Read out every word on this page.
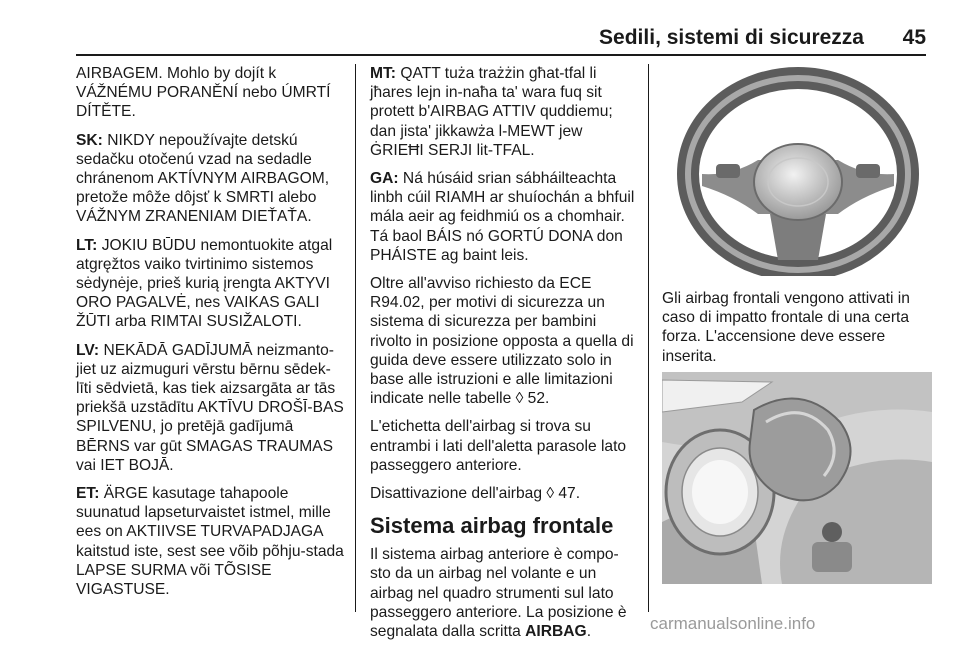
Sedili, sistemi di sicurezza 45

AIRBAGEM. Mohlo by dojít k VÁŽNÉMU PORANĚNÍ nebo ÚMRTÍ DÍTĚTE.

SK: NIKDY nepoužívajte detskú sedačku otočenú vzad na sedadle chránenom AKTÍVNYM AIRBAGOM, pretože môže dôjsť k SMRTI alebo VÁŽNYM ZRANENIAM DIEŤAŤA.

LT: JOKIU BŪDU nemontuokite atgal atgręžtos vaiko tvirtinimo sistemos sėdynėje, prieš kurią įrengta AKTYVI ORO PAGALVĖ, nes VAIKAS GALI ŽŪTI arba RIMTAI SUSIŽALOTI.

LV: NEKĀDĀ GADĪJUMĀ neizmanto-jiet uz aizmuguri vērstu bērnu sēdek-līti sēdvietā, kas tiek aizsargāta ar tās priekšā uzstādītu AKTĪVU DROŠĪ-BAS SPILVENU, jo pretējā gadījumā BĒRNS var gūt SMAGAS TRAUMAS vai IET BOJĀ.

ET: ÄRGE kasutage tahapoole suunatud lapseturvaistet istmel, mille ees on AKTIIVSE TURVAPADJAGA kaitstud iste, sest see võib põhju-stada LAPSE SURMA või TÕSISE VIGASTUSE.

MT: QATT tuża trażżin għat-tfal li jħares lejn in-naħa ta' wara fuq sit protett b'AIRBAG ATTIV quddiemu; dan jista' jikkawża l-MEWT jew ĠRIEĦI SERJI lit-TFAL.

GA: Ná húsáid srian sábháilteachta linbh cúil RIAMH ar shuíochán a bhfuil mála aeir ag feidhmiú os a chomhair. Tá baol BÁIS nó GORTÚ DONA don PHÁISTE ag baint leis.

Oltre all'avviso richiesto da ECE R94.02, per motivi di sicurezza un sistema di sicurezza per bambini rivolto in posizione opposta a quella di guida deve essere utilizzato solo in base alle istruzioni e alle limitazioni indicate nelle tabelle ◊ 52.

L'etichetta dell'airbag si trova su entrambi i lati dell'aletta parasole lato passeggero anteriore.

Disattivazione dell'airbag ◊ 47.

Sistema airbag frontale

Il sistema airbag anteriore è compo-sto da un airbag nel volante e un airbag nel quadro strumenti sul lato passeggero anteriore. La posizione è segnalata dalla scritta AIRBAG.

Gli airbag frontali vengono attivati in caso di impatto frontale di una certa forza. L'accensione deve essere inserita.

carmanualsonline.info
